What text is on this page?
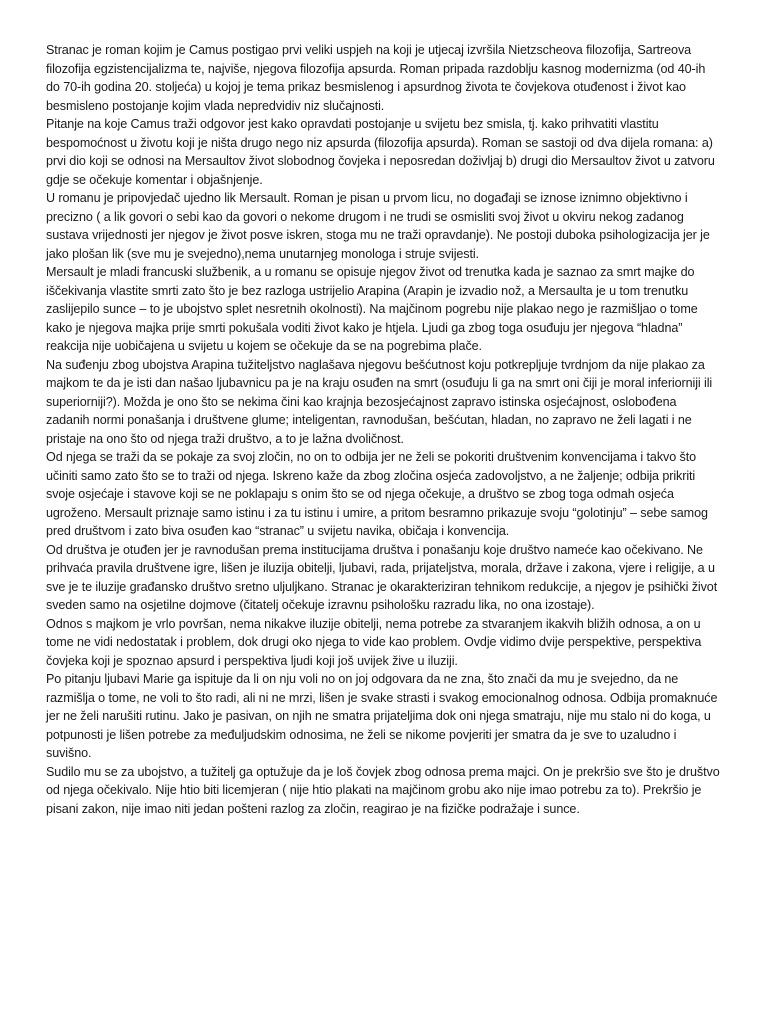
Stranac je roman kojim je Camus postigao prvi veliki uspjeh na koji je utjecaj izvršila Nietzscheova filozofija, Sartreova filozofija egzistencijalizma te, najviše, njegova filozofija apsurda. Roman pripada razdoblju kasnog modernizma (od 40-ih do 70-ih godina 20. stoljeća) u kojoj je tema prikaz besmislenog i apsurdnog života te čovjekova otuđenost i život kao besmisleno postojanje kojim vlada nepredvidiv niz slučajnosti.

Pitanje na koje Camus traži odgovor jest kako opravdati postojanje u svijetu bez smisla, tj. kako prihvatiti vlastitu bespomoćnost u životu koji je ništa drugo nego niz apsurda (filozofija apsurda). Roman se sastoji od dva dijela romana: a) prvi dio koji se odnosi na Mersaultov život slobodnog čovjeka i neposredan doživljaj b) drugi dio Mersaultov život u zatvoru gdje se očekuje komentar i objašnjenje.

U romanu je pripovjedač ujedno lik Mersault. Roman je pisan u prvom licu, no događaji se iznose iznimno objektivno i precizno ( a lik govori o sebi kao da govori o nekome drugom i ne trudi se osmisliti svoj život u okviru nekog zadanog sustava vrijednosti jer njegov je život posve iskren, stoga mu ne traži opravdanje). Ne postoji duboka psihologizacija jer je jako plošan lik (sve mu je svejedno),nema unutarnjeg monologa i struje svijesti.

Mersault je mladi francuski službenik, a u romanu se opisuje njegov život od trenutka kada je saznao za smrt majke do iščekivanja vlastite smrti zato što je bez razloga ustrijelio Arapina (Arapin je izvadio nož, a Mersaulta je u tom trenutku zaslijepilo sunce – to je ubojstvo splet nesretnih okolnosti). Na majčinom pogrebu nije plakao nego je razmišljao o tome kako je njegova majka prije smrti pokušala voditi život kako je htjela. Ljudi ga zbog toga osuđuju jer njegova “hladna” reakcija nije uobičajena u svijetu u kojem se očekuje da se na pogrebima plače.

Na suđenju zbog ubojstva Arapina tužiteljstvo naglašava njegovu bešćutnost koju potkrepljuje tvrdnjom da nije plakao za majkom te da je isti dan našao ljubavnicu pa je na kraju osuđen na smrt (osuđuju li ga na smrt oni čiji je moral inferiorniji ili superiorniji?). Možda je ono što se nekima čini kao krajnja bezosjećajnost zapravo istinska osjećajnost, oslobođena zadanih normi ponašanja i društvene glume; inteligentan, ravnodušan, bešćutan, hladan, no zapravo ne želi lagati i ne pristaje na ono što od njega traži društvo, a to je lažna dvoličnost.

Od njega se traži da se pokaje za svoj zločin, no on to odbija jer ne želi se pokoriti društvenim konvencijama i takvo što učiniti samo zato što se to traži od njega. Iskreno kaže da zbog zločina osjeća zadovoljstvo, a ne žaljenje; odbija prikriti svoje osjećaje i stavove koji se ne poklapaju s onim što se od njega očekuje, a društvo se zbog toga odmah osjeća ugroženo. Mersault priznaje samo istinu i za tu istinu i umire, a pritom besramno prikazuje svoju “golotinju” – sebe samog pred društvom i zato biva osuđen kao “stranac” u svijetu navika, običaja i konvencija.

Od društva je otuđen jer je ravnodušan prema institucijama društva i ponašanju koje društvo nameće kao očekivano. Ne prihvaća pravila društvene igre, lišen je iluzija obitelji, ljubavi, rada, prijateljstva, morala, države i zakona, vjere i religije, a u sve je te iluzije građansko društvo sretno uljuljkano. Stranac je okarakteriziran tehnikom redukcije, a njegov je psihički život sveden samo na osjetilne dojmove (čitatelj očekuje izravnu psihološku razradu lika, no ona izostaje).

Odnos s majkom je vrlo površan, nema nikakve iluzije obitelji, nema potrebe za stvaranjem ikakvih bližih odnosa, a on u tome ne vidi nedostatak i problem, dok drugi oko njega to vide kao problem. Ovdje vidimo dvije perspektive, perspektiva čovjeka koji je spoznao apsurd i perspektiva ljudi koji još uvijek žive u iluziji.

Po pitanju ljubavi Marie ga ispituje da li on nju voli no on joj odgovara da ne zna, što znači da mu je svejedno, da ne razmišlja o tome, ne voli to što radi, ali ni ne mrzi, lišen je svake strasti i svakog emocionalnog odnosa. Odbija promaknuće jer ne želi narušiti rutinu. Jako je pasivan, on njih ne smatra prijateljima dok oni njega smatraju, nije mu stalo ni do koga, u potpunosti je lišen potrebe za međuljudskim odnosima, ne želi se nikome povjeriti jer smatra da je sve to uzaludno i suvišno.

Sudilo mu se za ubojstvo, a tužitelj ga optužuje da je loš čovjek zbog odnosa prema majci. On je prekršio sve što je društvo od njega očekivalo. Nije htio biti licemjeran ( nije htio plakati na majčinom grobu ako nije imao potrebu za to). Prekršio je pisani zakon, nije imao niti jedan pošteni razlog za zločin, reagirao je na fizičke podražaje i sunce.
